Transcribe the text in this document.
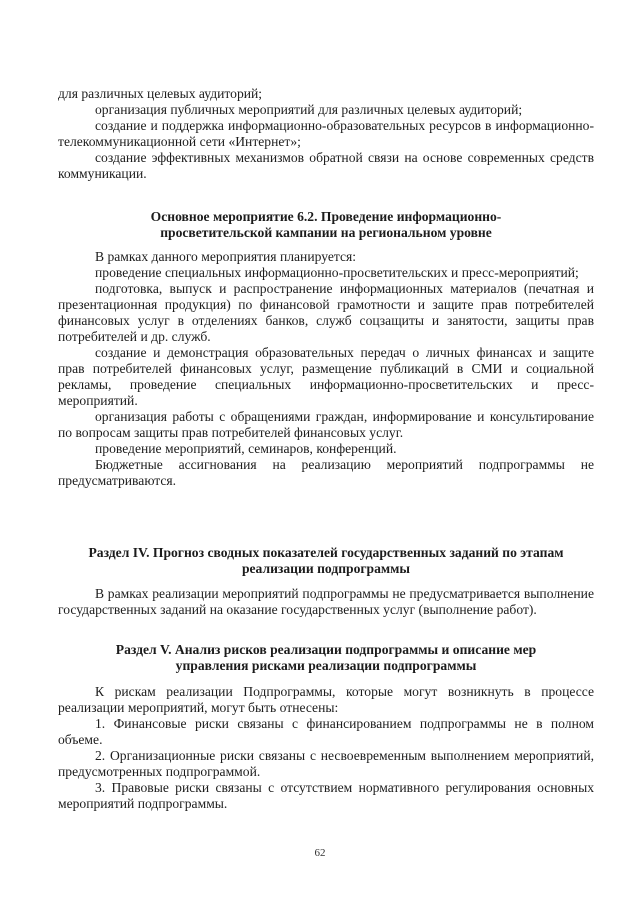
для различных целевых аудиторий;

организация публичных мероприятий для различных целевых аудиторий;

создание и поддержка информационно-образовательных ресурсов в информационно-телекоммуникационной сети «Интернет»;

создание эффективных механизмов обратной связи на основе современных средств коммуникации.

Основное мероприятие 6.2. Проведение информационно-просветительской кампании на региональном уровне

В рамках данного мероприятия планируется:

проведение специальных информационно-просветительских и пресс-мероприятий;

подготовка, выпуск и распространение информационных материалов (печатная и презентационная продукция) по финансовой грамотности и защите прав потребителей финансовых услуг в отделениях банков, служб соцзащиты и занятости, защиты прав потребителей и др. служб.

создание и демонстрация образовательных передач о личных финансах и защите прав потребителей финансовых услуг, размещение публикаций в СМИ и социальной рекламы, проведение специальных информационно-просветительских и пресс-мероприятий.

организация работы с обращениями граждан, информирование и консультирование по вопросам защиты прав потребителей финансовых услуг.

проведение мероприятий, семинаров, конференций.

Бюджетные ассигнования на реализацию мероприятий подпрограммы не предусматриваются.

Раздел IV. Прогноз сводных показателей государственных заданий по этапам реализации подпрограммы

В рамках реализации мероприятий подпрограммы не предусматривается выполнение государственных заданий на оказание государственных услуг (выполнение работ).

Раздел V. Анализ рисков реализации подпрограммы и описание мер управления рисками реализации подпрограммы

К рискам реализации Подпрограммы, которые могут возникнуть в процессе реализации мероприятий, могут быть отнесены:

1. Финансовые риски связаны с финансированием подпрограммы не в полном объеме.

2. Организационные риски связаны с несвоевременным выполнением мероприятий, предусмотренных подпрограммой.

3. Правовые риски связаны с отсутствием нормативного регулирования основных мероприятий подпрограммы.

62
